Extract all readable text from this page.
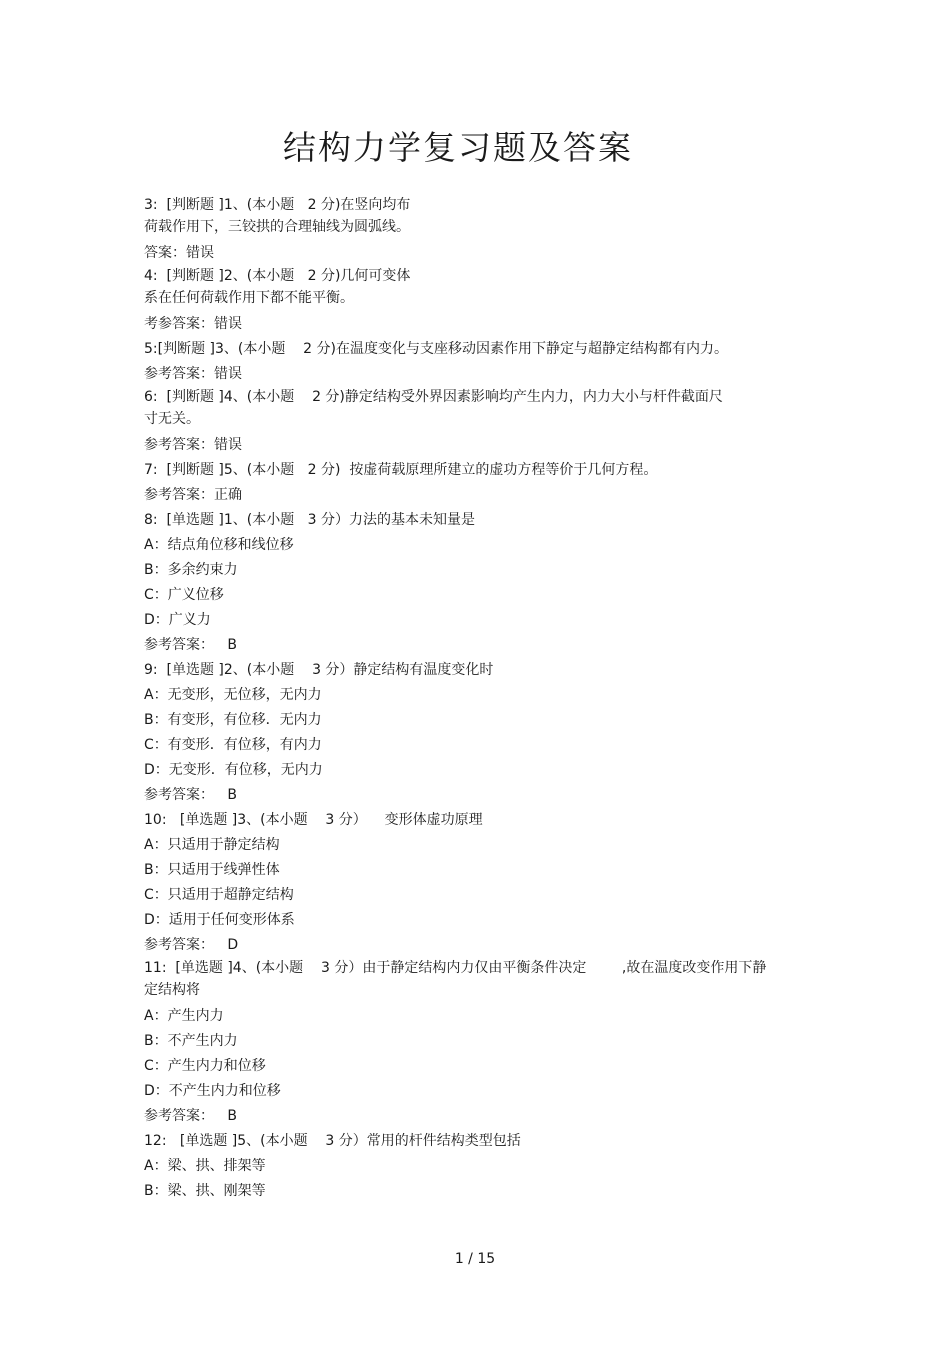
结构力学复习题及答案
3:  [判断题 ]1、(本小题   2 分)在竖向均布
荷载作用下，三铰拱的合理轴线为圆弧线。
答案：错误
4:  [判断题 ]2、(本小题   2 分)几何可变体
系在任何荷载作用下都不能平衡。
考参答案：错误
5:[判断题 ]3、(本小题    2 分)在温度变化与支座移动因素作用下静定与超静定结构都有内力。
参考答案：错误
6:  [判断题 ]4、(本小题    2 分)静定结构受外界因素影响均产生内力，内力大小与杆件截面尺
寸无关。
参考答案：错误
7:  [判断题 ]5、(本小题   2 分)  按虚荷载原理所建立的虚功方程等价于几何方程。
参考答案：正确
8:  [单选题 ]1、(本小题   3 分）力法的基本未知量是
A：结点角位移和线位移
B：多余约束力
C：广义位移
D：广义力
参考答案：   B
9:  [单选题 ]2、(本小题    3 分）静定结构有温度变化时
A：无变形，无位移，无内力
B：有变形，有位移．无内力
C：有变形．有位移，有内力
D：无变形．有位移，无内力
参考答案：   B
10:   [单选题 ]3、(本小题    3 分）    变形体虚功原理
A：只适用于静定结构
B：只适用于线弹性体
C：只适用于超静定结构
D：适用于任何变形体系
参考答案：   D
11:  [单选题 ]4、(本小题    3 分）由于静定结构内力仅由平衡条件决定        ,故在温度改变作用下静
定结构将
A：产生内力
B：不产生内力
C：产生内力和位移
D：不产生内力和位移
参考答案：   B
12:   [单选题 ]5、(本小题    3 分）常用的杆件结构类型包括
A：梁、拱、排架等
B：梁、拱、刚架等
1 / 15
